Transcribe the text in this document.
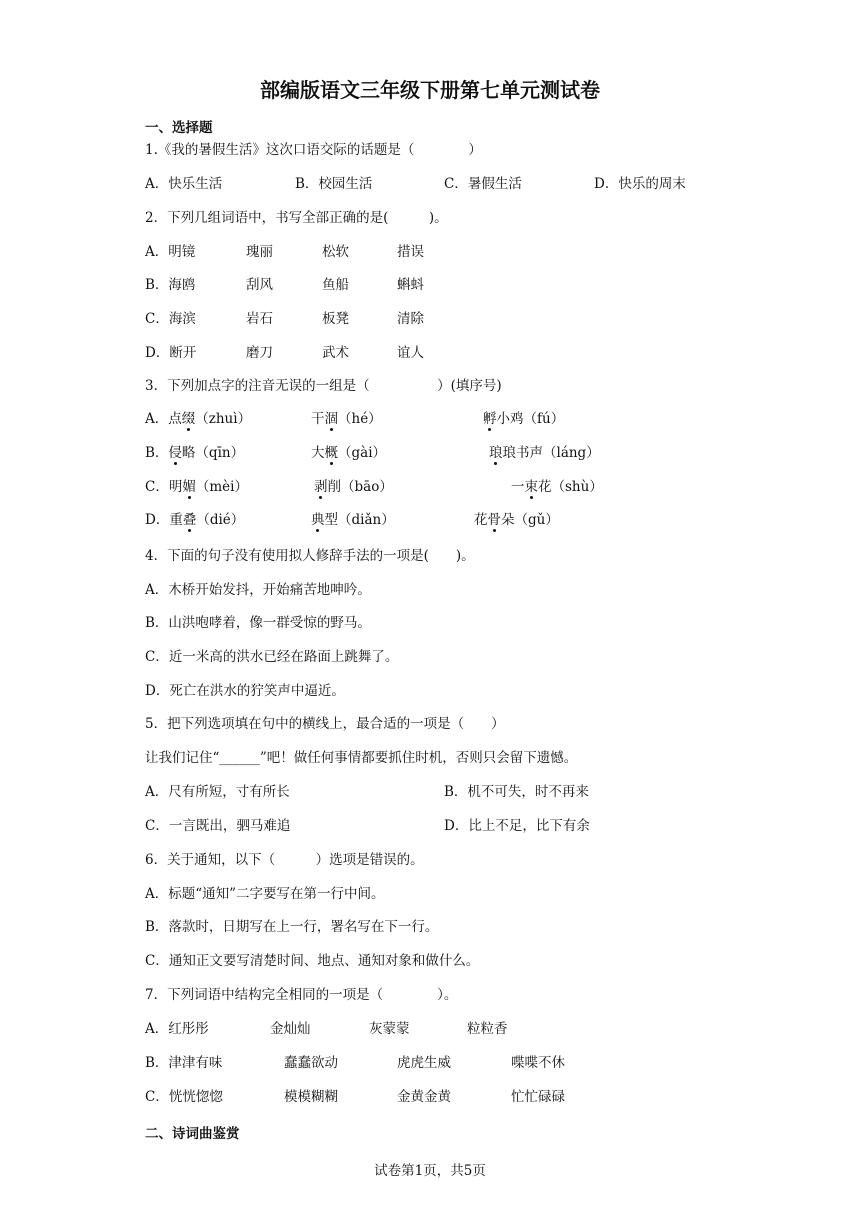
部编版语文三年级下册第七单元测试卷
一、选择题
1.《我的暑假生活》这次口语交际的话题是（　　　　）
A．快乐生活	B．校园生活	C．暑假生活	D．快乐的周末
2．下列几组词语中，书写全部正确的是(　　　)。
A．明镜	瑰丽	松软	措误
B．海鸥	刮风	鱼船	蝌蚪
C．海滨	岩石	板凳	清除
D．断开	磨刀	武术	谊人
3．下列加点字的注音无误的一组是（　　　　　）(填序号)
A．点缀（zhuì）	干涸（hé）	孵小鸡（fú）
B．侵略（qīn）	大概（gài）	琅琅书声（láng）
C．明媚（mèi）	剥削（bāo）	一束花（shù）
D．重叠（dié）	典型（diǎn）	花骨朵（gǔ）
4．下面的句子没有使用拟人修辞手法的一项是(　　)。
A．木桥开始发抖，开始痛苦地呻吟。
B．山洪咆哮着，像一群受惊的野马。
C．近一米高的洪水已经在路面上跳舞了。
D．死亡在洪水的狞笑声中逼近。
5．把下列选项填在句中的横线上，最合适的一项是（　　）
让我们记住“______”吧！做任何事情都要抓住时机，否则只会留下遗憾。
A．尺有所短，寸有所长	B．机不可失，时不再来
C．一言既出，驷马难追	D．比上不足，比下有余
6．关于通知，以下（　　　）选项是错误的。
A．标题“通知”二字要写在第一行中间。
B．落款时，日期写在上一行，署名写在下一行。
C．通知正文要写清楚时间、地点、通知对象和做什么。
7．下列词语中结构完全相同的一项是（　　　　）。
A．红彤彤	金灿灿	灰蒙蒙	粒粒香
B．津津有味	蠢蠢欲动	虎虎生威	喋喋不休
C．恍恍惚惚	模模糊糊	金黄金黄	忙忙碌碌
二、诗词曲鉴赏
试卷第1页，共5页
